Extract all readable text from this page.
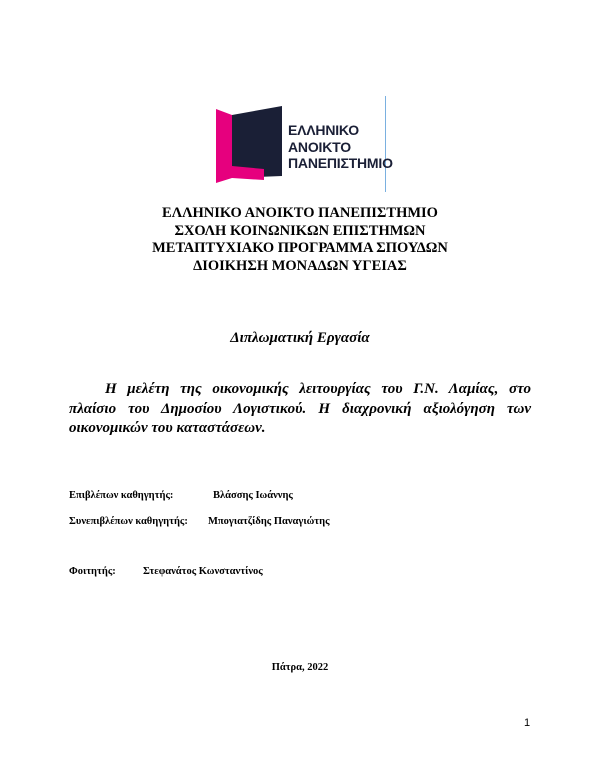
ΕΛΛΗΝΙΚΟ
ΑΝΟΙΚΤΟ
ΠΑΝΕΠΙΣΤΗΜΙΟ
ΕΛΛΗΝΙΚΟ ΑΝΟΙΚΤΟ ΠΑΝΕΠΙΣΤΗΜΙΟ
ΣΧΟΛΗ ΚΟΙΝΩΝΙΚΩΝ ΕΠΙΣΤΗΜΩΝ
ΜΕΤΑΠΤΥΧΙΑΚΟ ΠΡΟΓΡΑΜΜΑ ΣΠΟΥΔΩΝ
ΔΙΟΙΚΗΣΗ ΜΟΝΑΔΩΝ ΥΓΕΙΑΣ
Διπλωματική Εργασία
Η μελέτη της οικονομικής λειτουργίας του Γ.Ν. Λαμίας, στο
πλαίσιο του Δημοσίου Λογιστικού. Η διαχρονική αξιολόγηση των
οικονομικών του καταστάσεων.
Επιβλέπων καθηγητής:	Βλάσσης Ιωάννης
Συνεπιβλέπων καθηγητής: Μπογιατζίδης Παναγιώτης
Φοιτητής:	Στεφανάτος Κωνσταντίνος
Πάτρα, 2022
1
